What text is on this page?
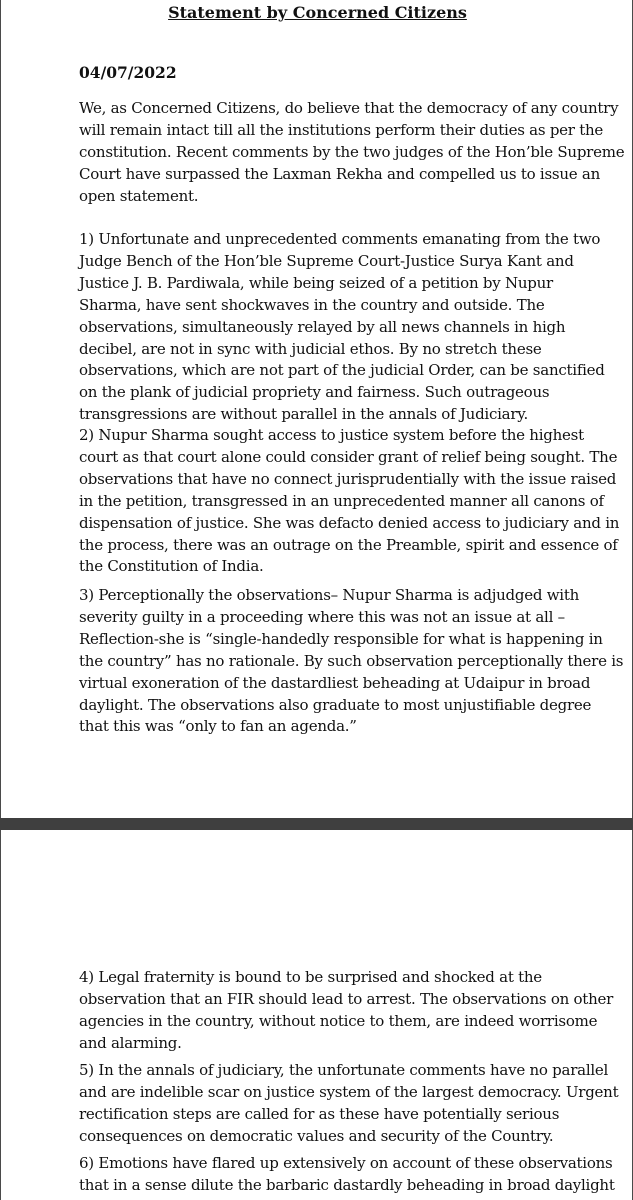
Statement by Concerned Citizens
04/07/2022

We, as Concerned Citizens, do believe that the democracy of any country
will remain intact till all the institutions perform their duties as per the
constitution. Recent comments by the two judges of the Hon’ble Supreme
Court have surpassed the Laxman Rekha and compelled us to issue an
open statement.

1) Unfortunate and unprecedented comments emanating from the two
Judge Bench of the Hon’ble Supreme Court-Justice Surya Kant and
Justice J. B. Pardiwala, while being seized of a petition by Nupur
Sharma, have sent shockwaves in the country and outside. The
observations, simultaneously relayed by all news channels in high
decibel, are not in sync with judicial ethos. By no stretch these
observations, which are not part of the judicial Order, can be sanctified
on the plank of judicial propriety and fairness. Such outrageous
transgressions are without parallel in the annals of Judiciary.

2) Nupur Sharma sought access to justice system before the highest
court as that court alone could consider grant of relief being sought. The
observations that have no connect jurisprudentially with the issue raised
in the petition, transgressed in an unprecedented manner all canons of
dispensation of justice. She was defacto denied access to judiciary and in
the process, there was an outrage on the Preamble, spirit and essence of
the Constitution of India.

3) Perceptionally the observations– Nupur Sharma is adjudged with
severity guilty in a proceeding where this was not an issue at all –
Reflection-she is “single-handedly responsible for what is happening in
the country” has no rationale. By such observation perceptionally there is
virtual exoneration of the dastardliest beheading at Udaipur in broad
daylight. The observations also graduate to most unjustifiable degree
that this was “only to fan an agenda.”

4) Legal fraternity is bound to be surprised and shocked at the
observation that an FIR should lead to arrest. The observations on other
agencies in the country, without notice to them, are indeed worrisome
and alarming.

5) In the annals of judiciary, the unfortunate comments have no parallel
and are indelible scar on justice system of the largest democracy. Urgent
rectification steps are called for as these have potentially serious
consequences on democratic values and security of the Country.

6) Emotions have flared up extensively on account of these observations
that in a sense dilute the barbaric dastardly beheading in broad daylight
